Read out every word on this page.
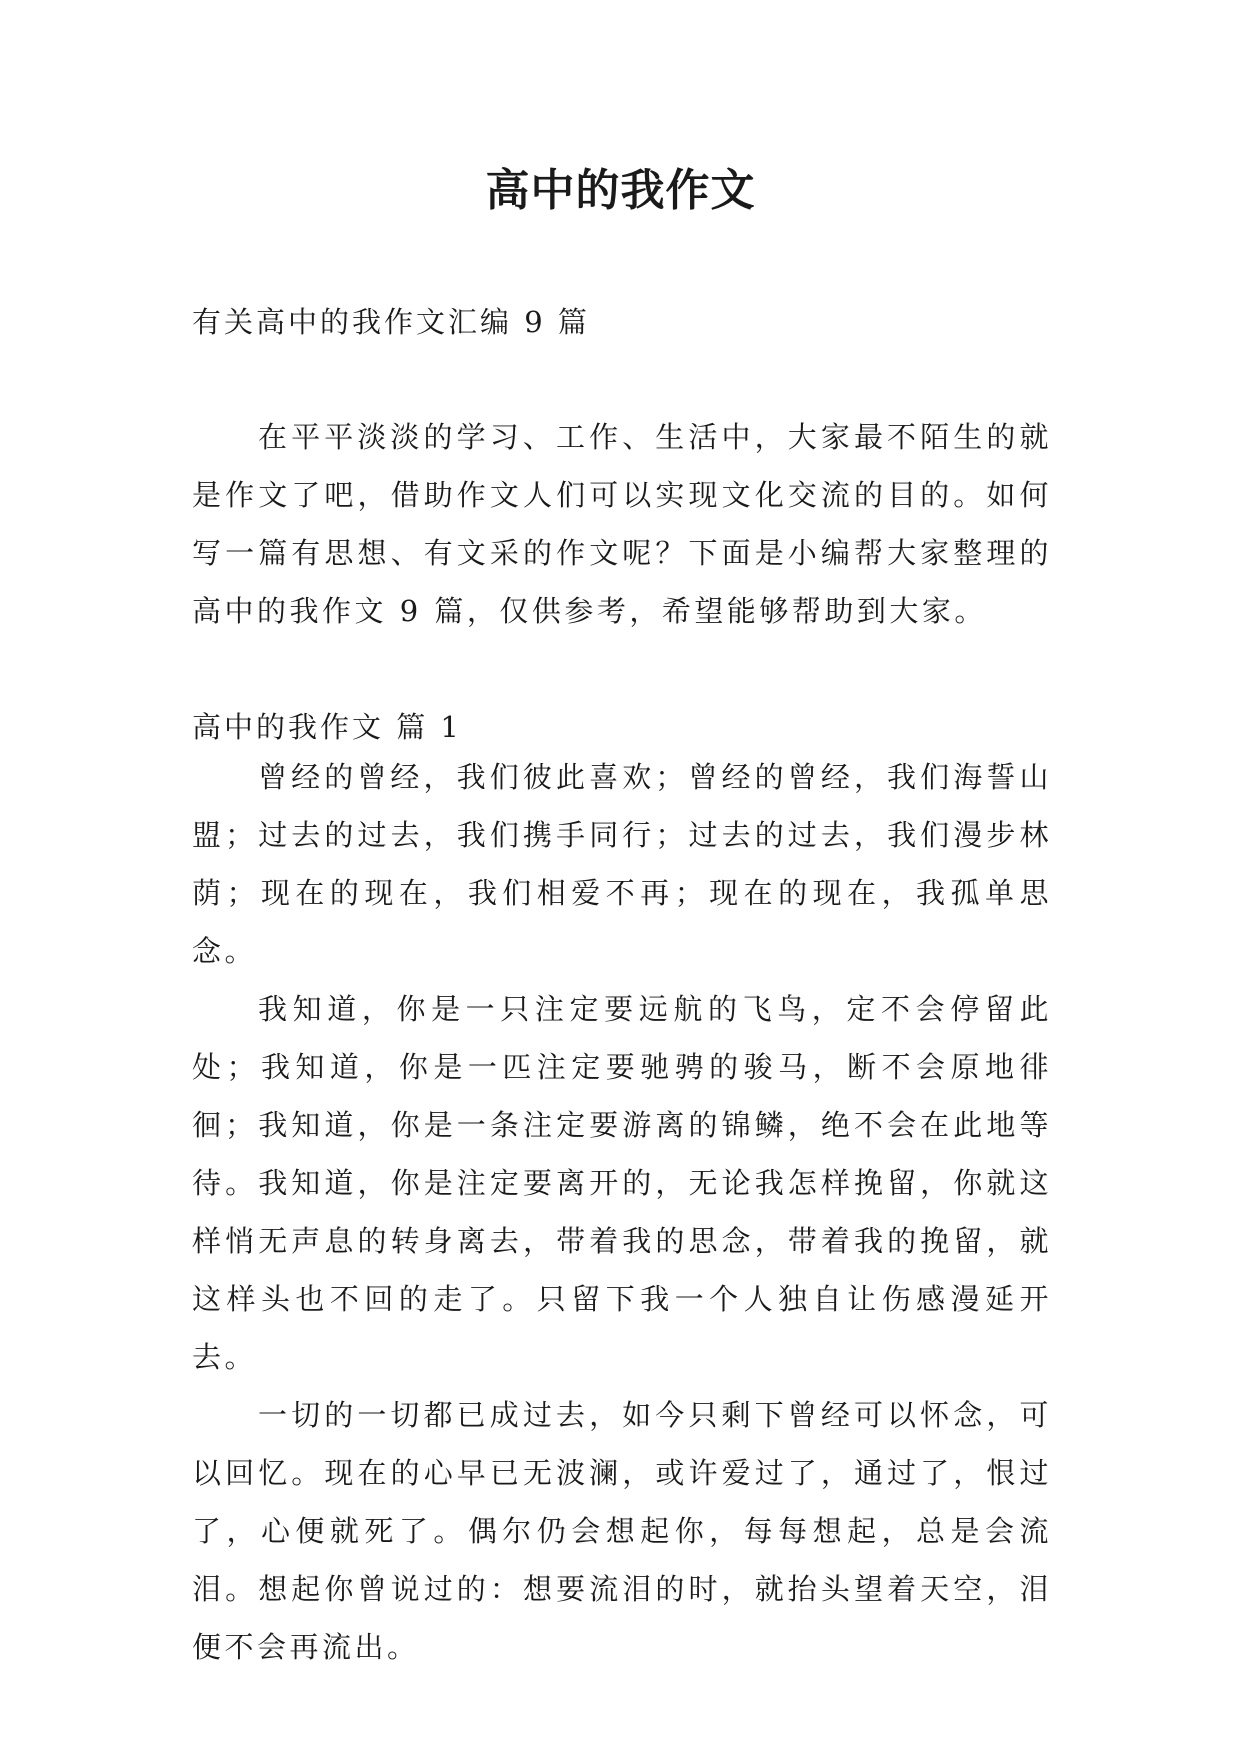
高中的我作文
有关高中的我作文汇编 9 篇

在平平淡淡的学习、工作、生活中，大家最不陌生的就是作文了吧，借助作文人们可以实现文化交流的目的。如何写一篇有思想、有文采的作文呢？下面是小编帮大家整理的高中的我作文 9 篇，仅供参考，希望能够帮助到大家。

高中的我作文 篇 1

曾经的曾经，我们彼此喜欢；曾经的曾经，我们海誓山盟；过去的过去，我们携手同行；过去的过去，我们漫步林荫；现在的现在，我们相爱不再；现在的现在，我孤单思念。

我知道，你是一只注定要远航的飞鸟，定不会停留此处；我知道，你是一匹注定要驰骋的骏马，断不会原地徘徊；我知道，你是一条注定要游离的锦鳞，绝不会在此地等待。我知道，你是注定要离开的，无论我怎样挽留，你就这样悄无声息的转身离去，带着我的思念，带着我的挽留，就这样头也不回的走了。只留下我一个人独自让伤感漫延开去。

一切的一切都已成过去，如今只剩下曾经可以怀念，可以回忆。现在的心早已无波澜，或许爱过了，通过了，恨过了，心便就死了。偶尔仍会想起你，每每想起，总是会流泪。想起你曾说过的：想要流泪的时，就抬头望着天空，泪便不会再流出。
